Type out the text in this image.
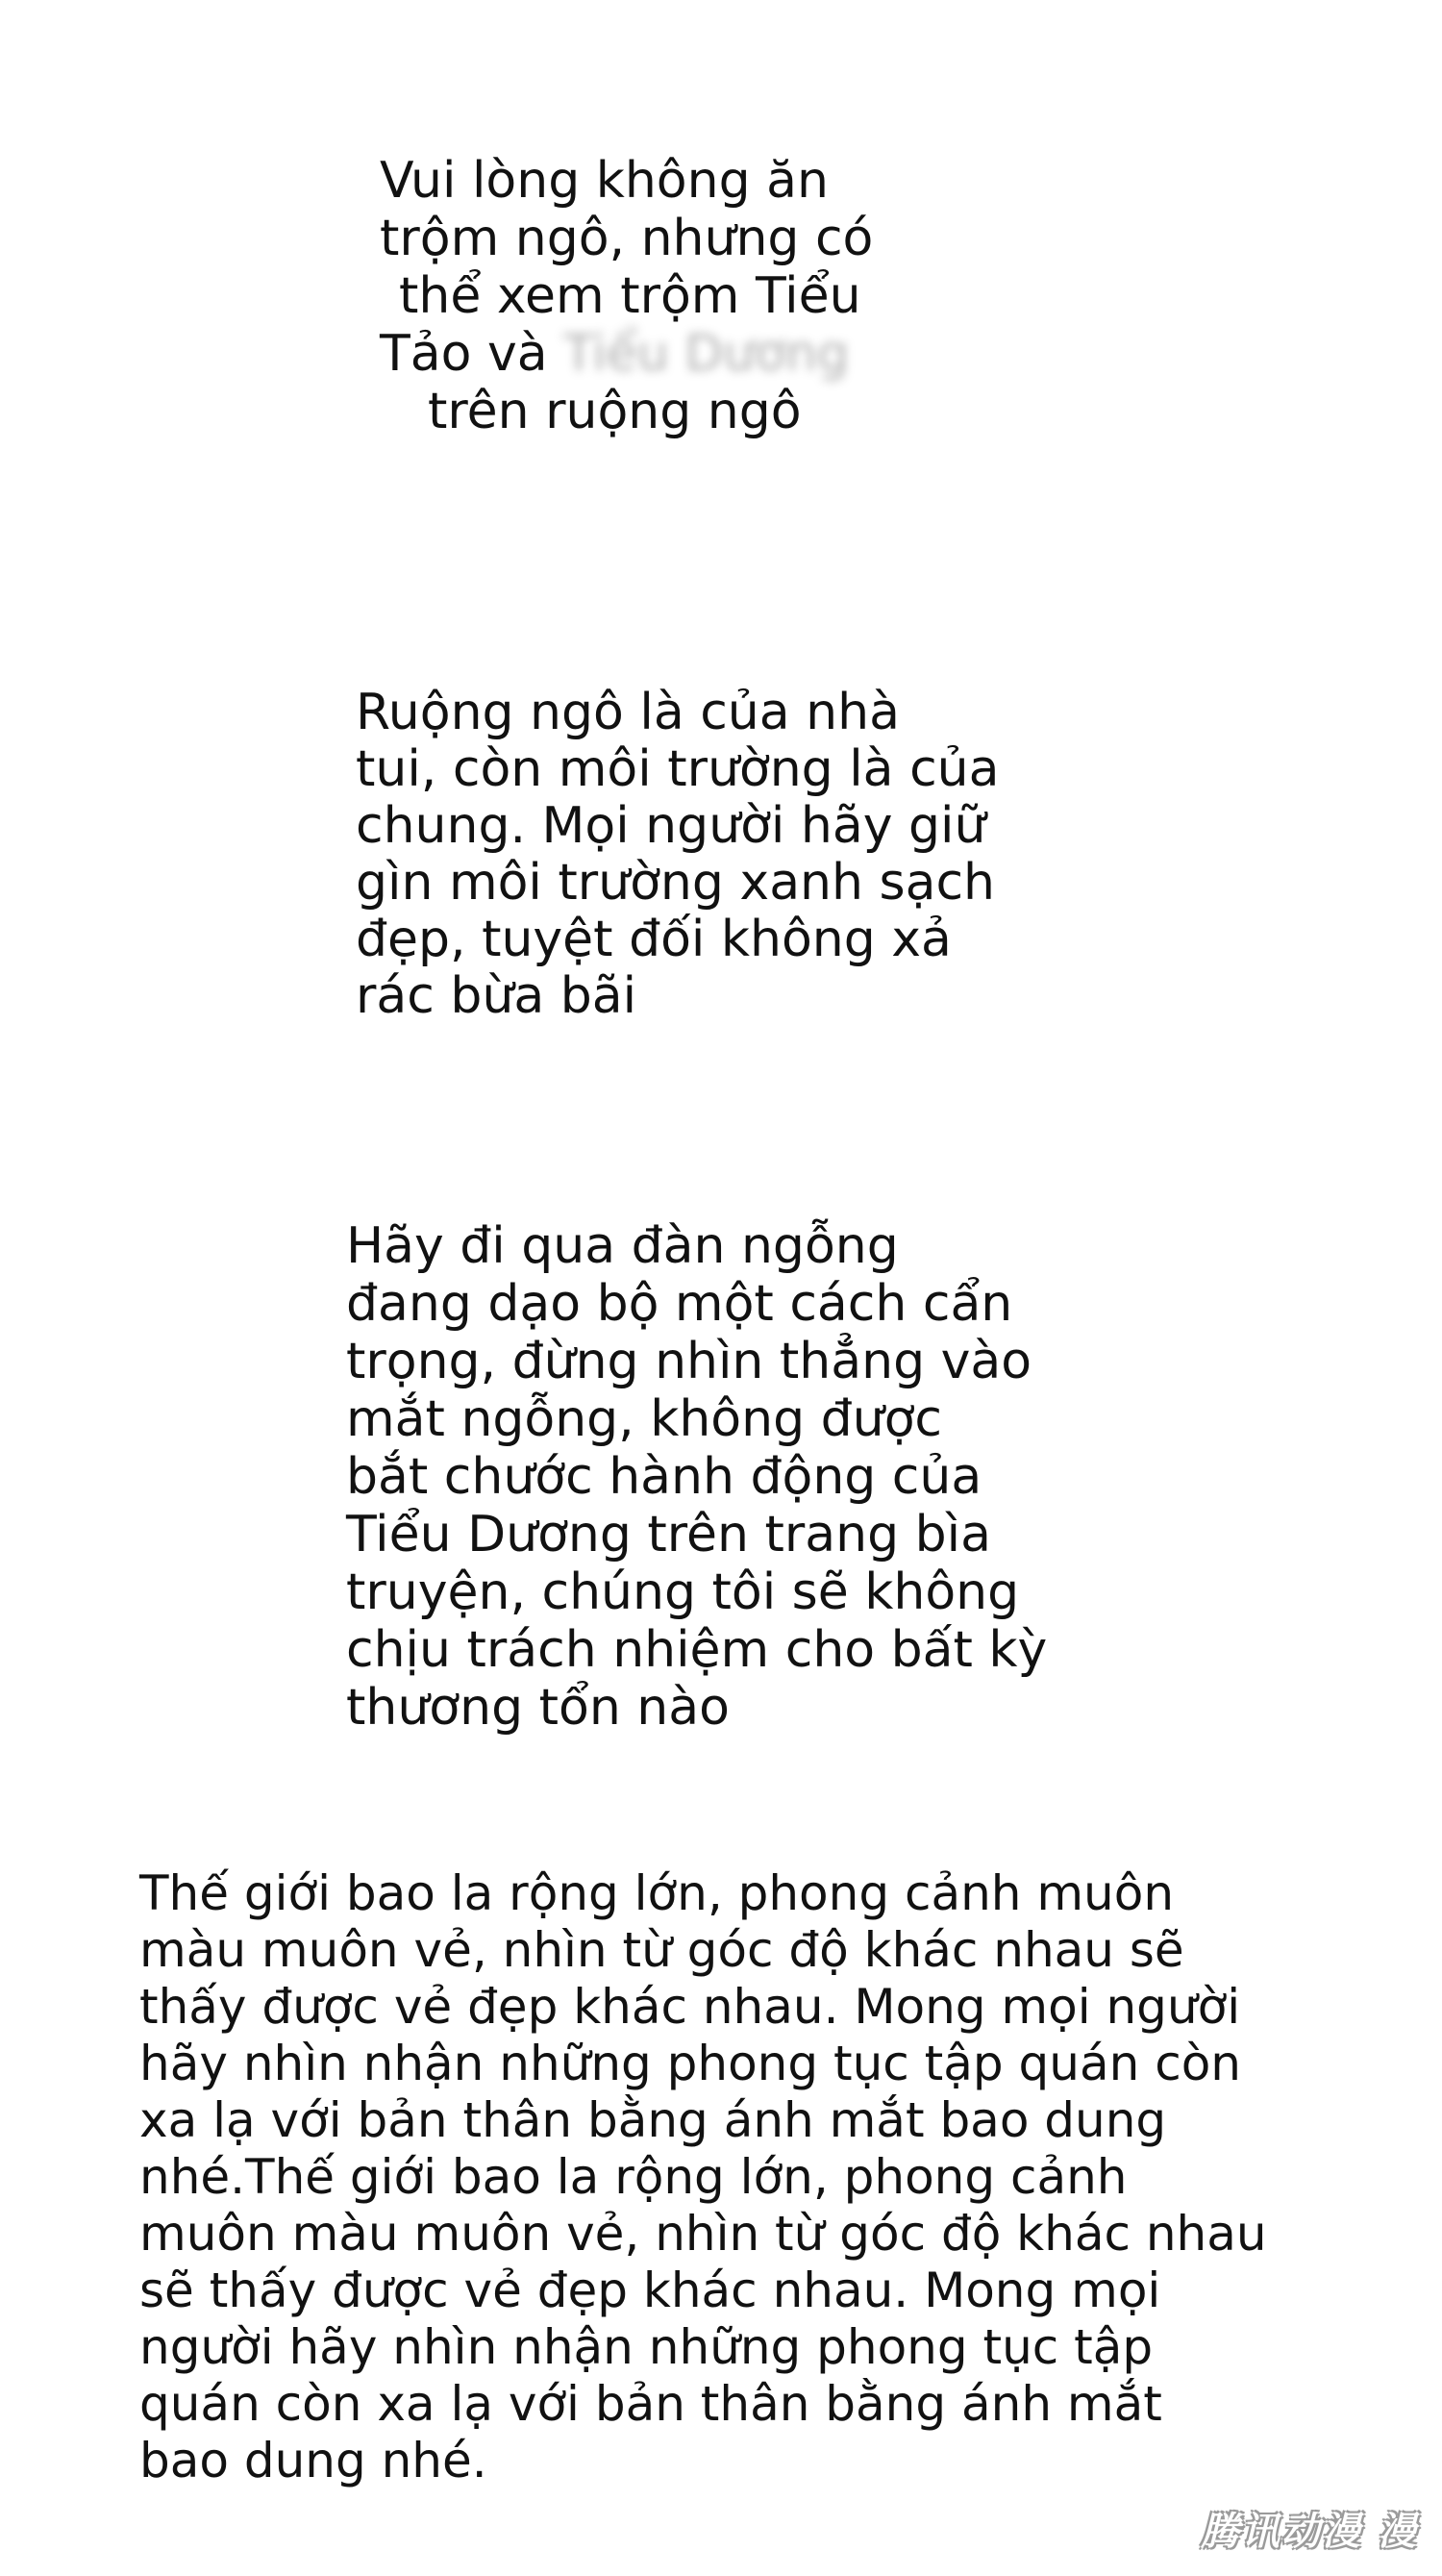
Vui lòng không ăn
trộm ngô, nhưng có
thể xem trộm Tiểu
Tảo và Tiểu Dương
trên ruộng ngô
Ruộng ngô là của nhà
tui, còn môi trường là của
chung. Mọi người hãy giữ
gìn môi trường xanh sạch
đẹp, tuyệt đối không xả
rác bừa bãi
Hãy đi qua đàn ngỗng
đang dạo bộ một cách cẩn
trọng, đừng nhìn thẳng vào
mắt ngỗng, không được
bắt chước hành động của
Tiểu Dương trên trang bìa
truyện, chúng tôi sẽ không
chịu trách nhiệm cho bất kỳ
thương tổn nào
Thế giới bao la rộng lớn, phong cảnh muôn
màu muôn vẻ, nhìn từ góc độ khác nhau sẽ
thấy được vẻ đẹp khác nhau. Mong mọi người
hãy nhìn nhận những phong tục tập quán còn
xa lạ với bản thân bằng ánh mắt bao dung
nhé.Thế giới bao la rộng lớn, phong cảnh
muôn màu muôn vẻ, nhìn từ góc độ khác nhau
sẽ thấy được vẻ đẹp khác nhau. Mong mọi
người hãy nhìn nhận những phong tục tập
quán còn xa lạ với bản thân bằng ánh mắt
bao dung nhé.
腾讯动漫 漫
